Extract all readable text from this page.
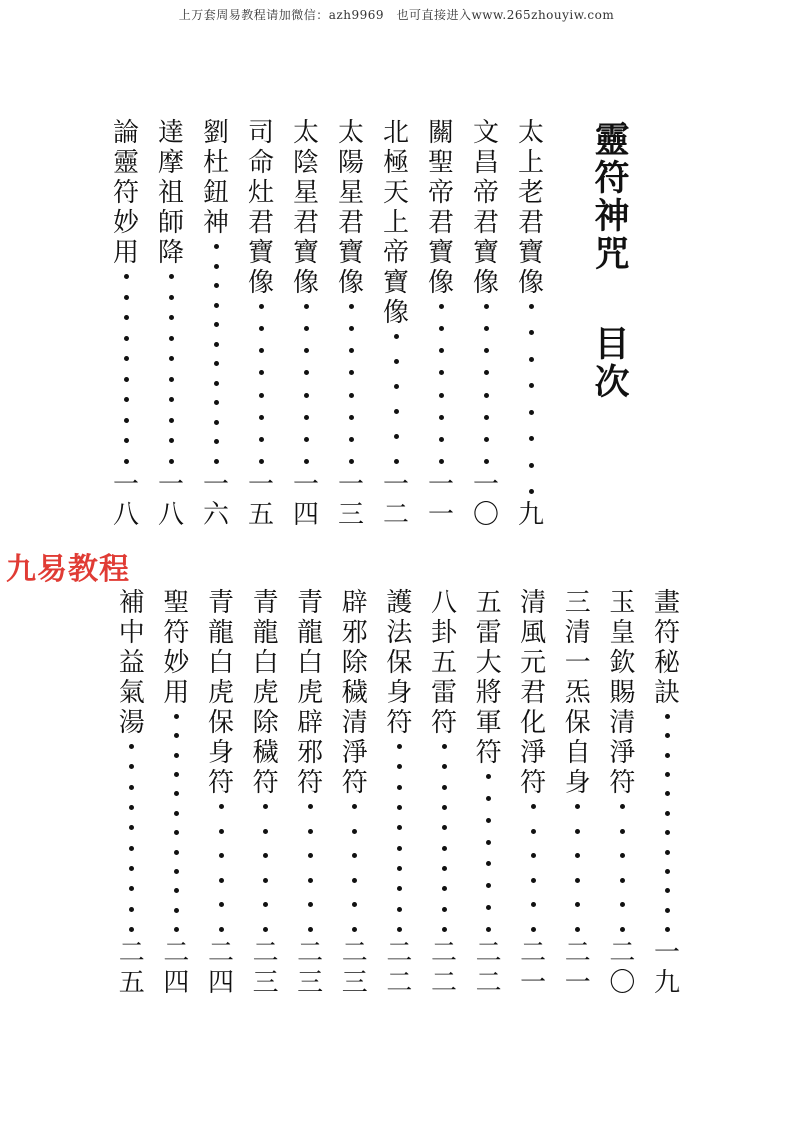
上万套周易教程请加微信：azh9969　也可直接进入www.265zhouyiw.com
靈
符
神
咒
目
次
九易教程
太
上
老
君
寶
像
九
文
昌
帝
君
寶
像
一
〇
關
聖
帝
君
寶
像
一
一
北
極
天
上
帝
寶
像
一
二
太
陽
星
君
寶
像
一
三
太
陰
星
君
寶
像
一
四
司
命
灶
君
寶
像
一
五
劉
杜
鈕
神
一
六
達
摩
祖
師
降
一
八
論
靈
符
妙
用
一
八
畫
符
秘
訣
一
九
玉
皇
欽
賜
清
淨
符
二
〇
三
清
一
炁
保
自
身
二
一
清
風
元
君
化
淨
符
二
一
五
雷
大
將
軍
符
二
二
八
卦
五
雷
符
二
二
護
法
保
身
符
二
二
辟
邪
除
穢
清
淨
符
二
三
青
龍
白
虎
辟
邪
符
二
三
青
龍
白
虎
除
穢
符
二
三
青
龍
白
虎
保
身
符
二
四
聖
符
妙
用
二
四
補
中
益
氣
湯
二
五
